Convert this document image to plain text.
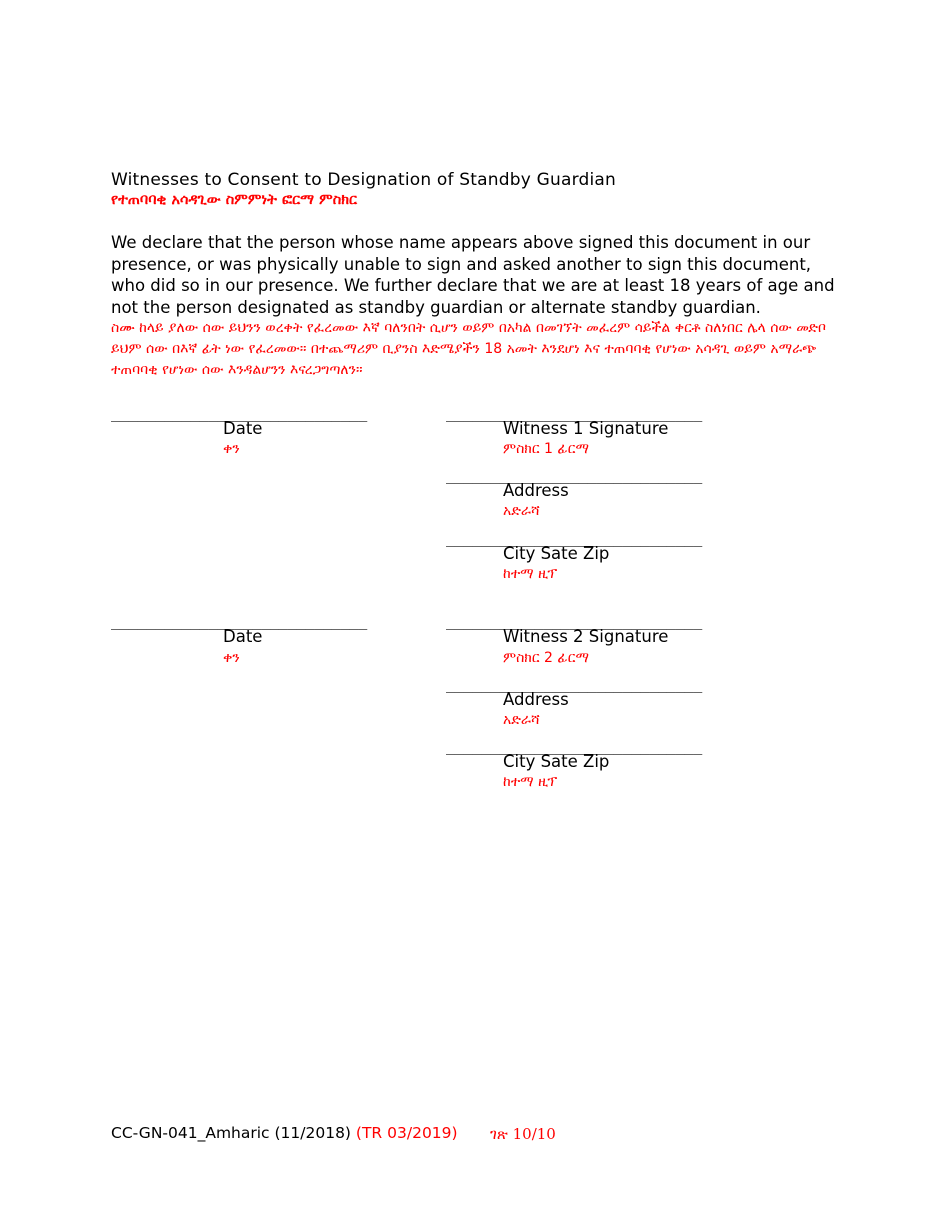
Witnesses to Consent to Designation of Standby Guardian
የተጠባባቂ አሳዳጊው ስምምነት ፎርማ ምስክር
We declare that the person whose name appears above signed this document in our presence, or was physically unable to sign and asked another to sign this document, who did so in our presence. We further declare that we are at least 18 years of age and not the person designated as standby guardian or alternate standby guardian.
ስሙ ከላይ ያለው ሰው ይህንን ወረቀት የፈረመው እኛ ባለንበት ሲሆን ወይም በአካል በመገኘት መፈረም ሳይችል ቀርቶ ስለነበር ሌላ ሰው መድቦ ይህም ሰው በእኛ ፊት ነው የፈረመው። በተጨማሪም ቢያንስ እድሜያችን 18 አመት እንደሆነ እና ተጠባባቂ የሆነው አሳዳጊ ወይም አማራጭ ተጠባባቂ የሆነው ሰው እንዳልሆንን እናረጋግጣለን።
_____________________________
Date
ቀን
_____________________________
Witness 1 Signature
ምስክር 1 ፊርማ
_____________________________
Address
አድራሻ
_____________________________
City Sate Zip
ከተማ ዚፕ
_____________________________
Date
ቀን
_____________________________
Witness 2 Signature
ምስክር 2 ፊርማ
_____________________________
Address
አድራሻ
_____________________________
City Sate Zip
ከተማ ዚፕ
CC-GN-041_Amharic (11/2018) (TR 03/2019) ገጽ 10/10
